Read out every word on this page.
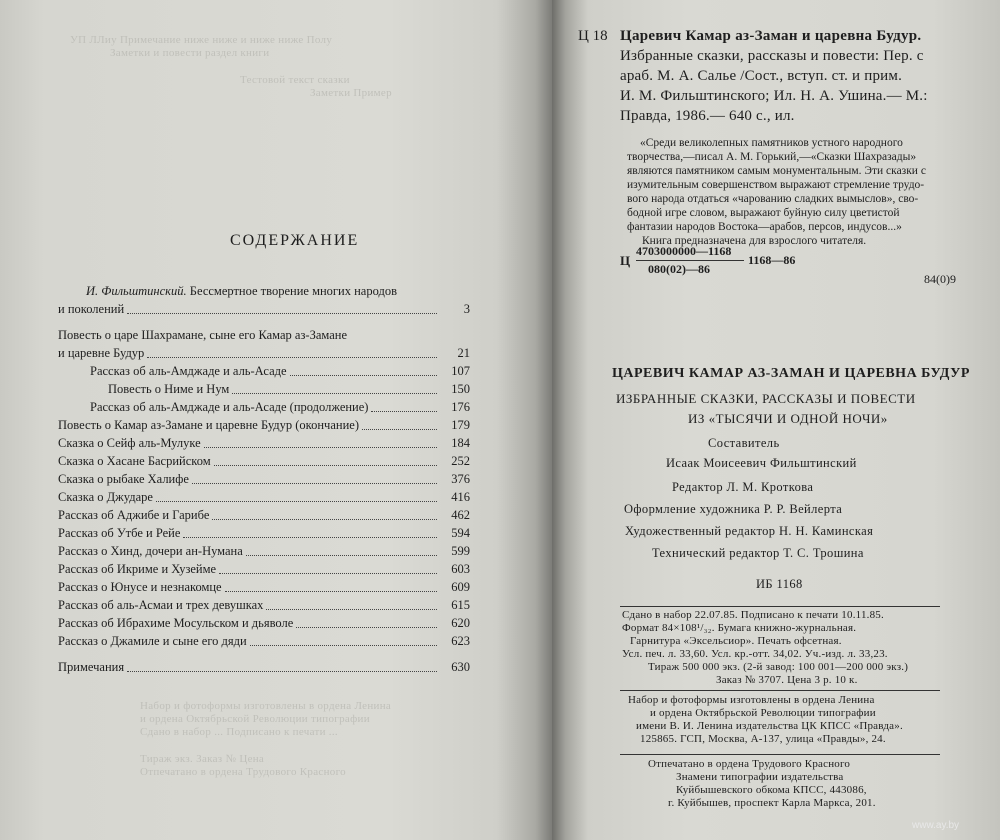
УП ЛЛиу Примечание ниже ниже и ниже ниже Полу
Заметки и повести раздел книги
Тестовой текст сказки
Заметки Пример
СОДЕРЖАНИЕ
И. Фильштинский. Бессмертное творение многих народов
и поколений	3
Повесть о царе Шахрамане, сыне его Камар аз-Замане
и царевне Будур	21
Рассказ об аль-Амджаде и аль-Асаде	107
Повесть о Ниме и Нум	150
Рассказ об аль-Амджаде и аль-Асаде (продолжение)	176
Повесть о Камар аз-Замане и царевне Будур (окончание)	179
Сказка о Сейф аль-Мулуке	184
Сказка о Хасане Басрийском	252
Сказка о рыбаке Халифе	376
Сказка о Джударе	416
Рассказ об Аджибе и Гарибе	462
Рассказ об Утбе и Рейе	594
Рассказ о Хинд, дочери ан-Нумана	599
Рассказ об Икриме и Хузейме	603
Рассказ о Юнусе и незнакомце	609
Рассказ об аль-Асмаи и трех девушках	615
Рассказ об Ибрахиме Мосульском и дьяволе	620
Рассказ о Джамиле и сыне его дяди	623
Примечания	630
Набор и фотоформы изготовлены в ордена Ленина
и ордена Октябрьской Революции типографии
Сдано в набор ... Подписано к печати ...
Тираж экз. Заказ № Цена
Отпечатано в ордена Трудового Красного
Ц 18 Царевич Камар аз-Заман и царевна Будур.
Избранные сказки, рассказы и повести: Пер. с
араб. М. А. Салье /Сост., вступ. ст. и прим.
И. М. Фильштинского; Ил. Н. А. Ушина.— М.:
Правда, 1986.— 640 с., ил.
«Среди великолепных памятников устного народного
творчества,—писал А. М. Горький,—«Сказки Шахразады»
являются памятником самым монументальным. Эти сказки с
изумительным совершенством выражают стремление трудо-
вого народа отдаться «чарованию сладких вымыслов», сво-
бодной игре словом, выражают буйную силу цветистой
фантазии народов Востока—арабов, персов, индусов...»
Книга предназначена для взрослого читателя.
Ц
4703000000—1168
080(02)—86
1168—86
84(0)9
ЦАРЕВИЧ КАМАР АЗ-ЗАМАН И ЦАРЕВНА БУДУР
ИЗБРАННЫЕ СКАЗКИ, РАССКАЗЫ И ПОВЕСТИ
ИЗ «ТЫСЯЧИ И ОДНОЙ НОЧИ»
Составитель
Исаак Моисеевич Фильштинский
Редактор Л. М. Кроткова
Оформление художника Р. Р. Вейлерта
Художественный редактор Н. Н. Каминская
Технический редактор Т. С. Трошина
ИБ 1168
Сдано в набор 22.07.85. Подписано к печати 10.11.85.
Формат 84×108¹/₃₂. Бумага книжно-журнальная.
Гарнитура «Эксельсиор». Печать офсетная.
Усл. печ. л. 33,60. Усл. кр.-отт. 34,02. Уч.-изд. л. 33,23.
Тираж 500 000 экз. (2-й завод: 100 001—200 000 экз.)
Заказ № 3707. Цена 3 р. 10 к.
Набор и фотоформы изготовлены в ордена Ленина
и ордена Октябрьской Революции типографии
имени В. И. Ленина издательства ЦК КПСС «Правда».
125865. ГСП, Москва, А-137, улица «Правды», 24.
Отпечатано в ордена Трудового Красного
Знамени типографии издательства
Куйбышевского обкома КПСС, 443086,
г. Куйбышев, проспект Карла Маркса, 201.
www.ay.by
